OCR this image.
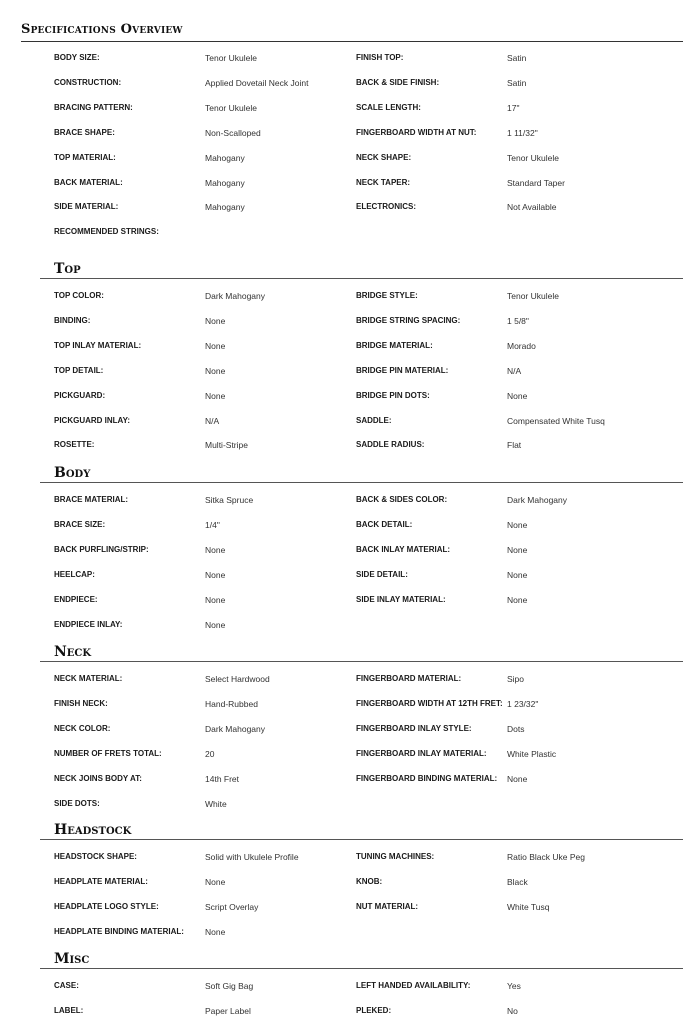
Specifications Overview
BODY SIZE:	Tenor Ukulele	FINISH TOP:	Satin
CONSTRUCTION:	Applied Dovetail Neck Joint	BACK & SIDE FINISH:	Satin
BRACING PATTERN:	Tenor Ukulele	SCALE LENGTH:	17"
BRACE SHAPE:	Non-Scalloped	FINGERBOARD WIDTH AT NUT:	1 11/32"
TOP MATERIAL:	Mahogany	NECK SHAPE:	Tenor Ukulele
BACK MATERIAL:	Mahogany	NECK TAPER:	Standard Taper
SIDE MATERIAL:	Mahogany	ELECTRONICS:	Not Available
RECOMMENDED STRINGS:
Top
TOP COLOR:	Dark Mahogany	BRIDGE STYLE:	Tenor Ukulele
BINDING:	None	BRIDGE STRING SPACING:	1 5/8"
TOP INLAY MATERIAL:	None	BRIDGE MATERIAL:	Morado
TOP DETAIL:	None	BRIDGE PIN MATERIAL:	N/A
PICKGUARD:	None	BRIDGE PIN DOTS:	None
PICKGUARD INLAY:	N/A	SADDLE:	Compensated White Tusq
ROSETTE:	Multi-Stripe	SADDLE RADIUS:	Flat
Body
BRACE MATERIAL:	Sitka Spruce	BACK & SIDES COLOR:	Dark Mahogany
BRACE SIZE:	1/4"	BACK DETAIL:	None
BACK PURFLING/STRIP:	None	BACK INLAY MATERIAL:	None
HEELCAP:	None	SIDE DETAIL:	None
ENDPIECE:	None	SIDE INLAY MATERIAL:	None
ENDPIECE INLAY:	None
Neck
NECK MATERIAL:	Select Hardwood	FINGERBOARD MATERIAL:	Sipo
FINISH NECK:	Hand-Rubbed	FINGERBOARD WIDTH AT 12TH FRET: 1 23/32"
NECK COLOR:	Dark Mahogany	FINGERBOARD INLAY STYLE:	Dots
NUMBER OF FRETS TOTAL:	20	FINGERBOARD INLAY MATERIAL: White Plastic
NECK JOINS BODY AT:	14th Fret	FINGERBOARD BINDING MATERIAL: None
SIDE DOTS:	White
Headstock
HEADSTOCK SHAPE:	Solid with Ukulele Profile	TUNING MACHINES:	Ratio Black Uke Peg
HEADPLATE MATERIAL:	None	KNOB:	Black
HEADPLATE LOGO STYLE:	Script Overlay	NUT MATERIAL:	White Tusq
HEADPLATE BINDING MATERIAL: None
Misc
CASE:	Soft Gig Bag	LEFT HANDED AVAILABILITY:	Yes
LABEL:	Paper Label	PLEKED:	No
